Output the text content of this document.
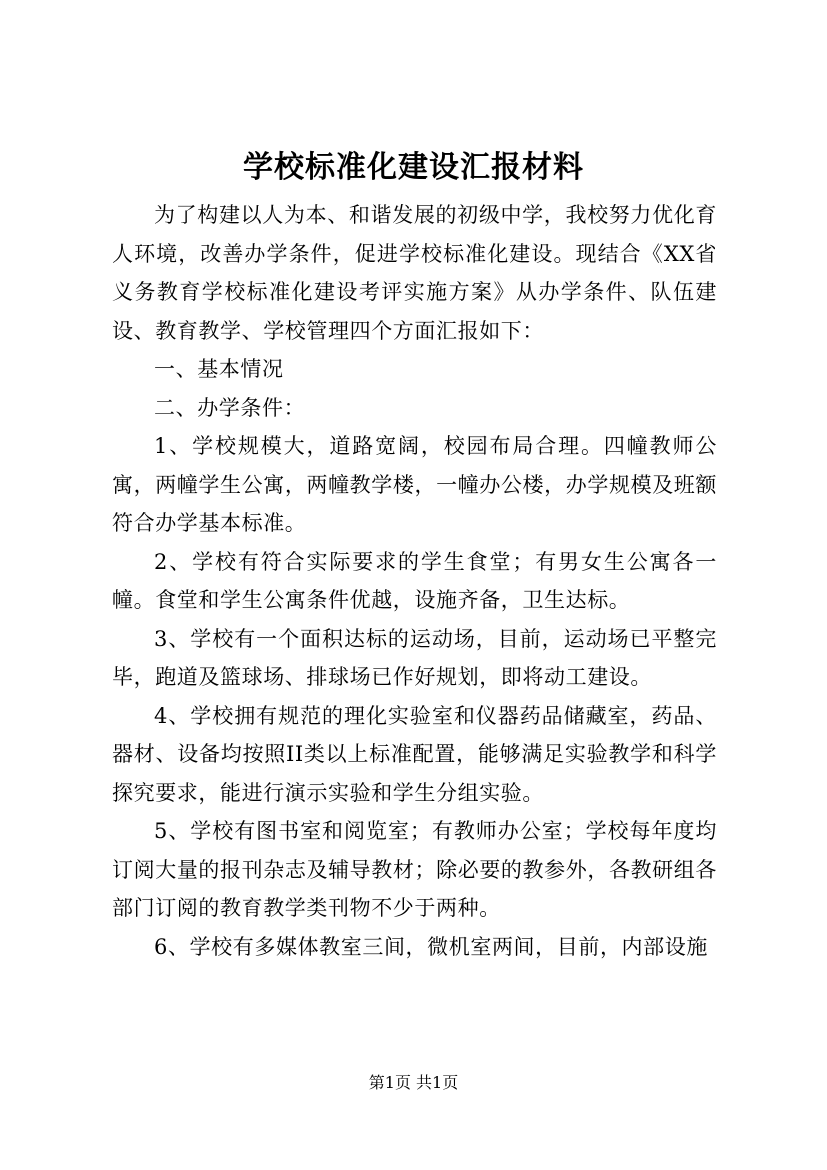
学校标准化建设汇报材料

为了构建以人为本、和谐发展的初级中学，我校努力优化育人环境，改善办学条件，促进学校标准化建设。现结合《XX省义务教育学校标准化建设考评实施方案》从办学条件、队伍建设、教育教学、学校管理四个方面汇报如下：

一、基本情况

二、办学条件：

1、学校规模大，道路宽阔，校园布局合理。四幢教师公寓，两幢学生公寓，两幢教学楼，一幢办公楼，办学规模及班额符合办学基本标准。

2、学校有符合实际要求的学生食堂；有男女生公寓各一幢。食堂和学生公寓条件优越，设施齐备，卫生达标。

3、学校有一个面积达标的运动场，目前，运动场已平整完毕，跑道及篮球场、排球场已作好规划，即将动工建设。

4、学校拥有规范的理化实验室和仪器药品储藏室，药品、器材、设备均按照II类以上标准配置，能够满足实验教学和科学探究要求，能进行演示实验和学生分组实验。

5、学校有图书室和阅览室；有教师办公室；学校每年度均订阅大量的报刊杂志及辅导教材；除必要的教参外，各教研组各部门订阅的教育教学类刊物不少于两种。

6、学校有多媒体教室三间，微机室两间，目前，内部设施

第1页 共1页
